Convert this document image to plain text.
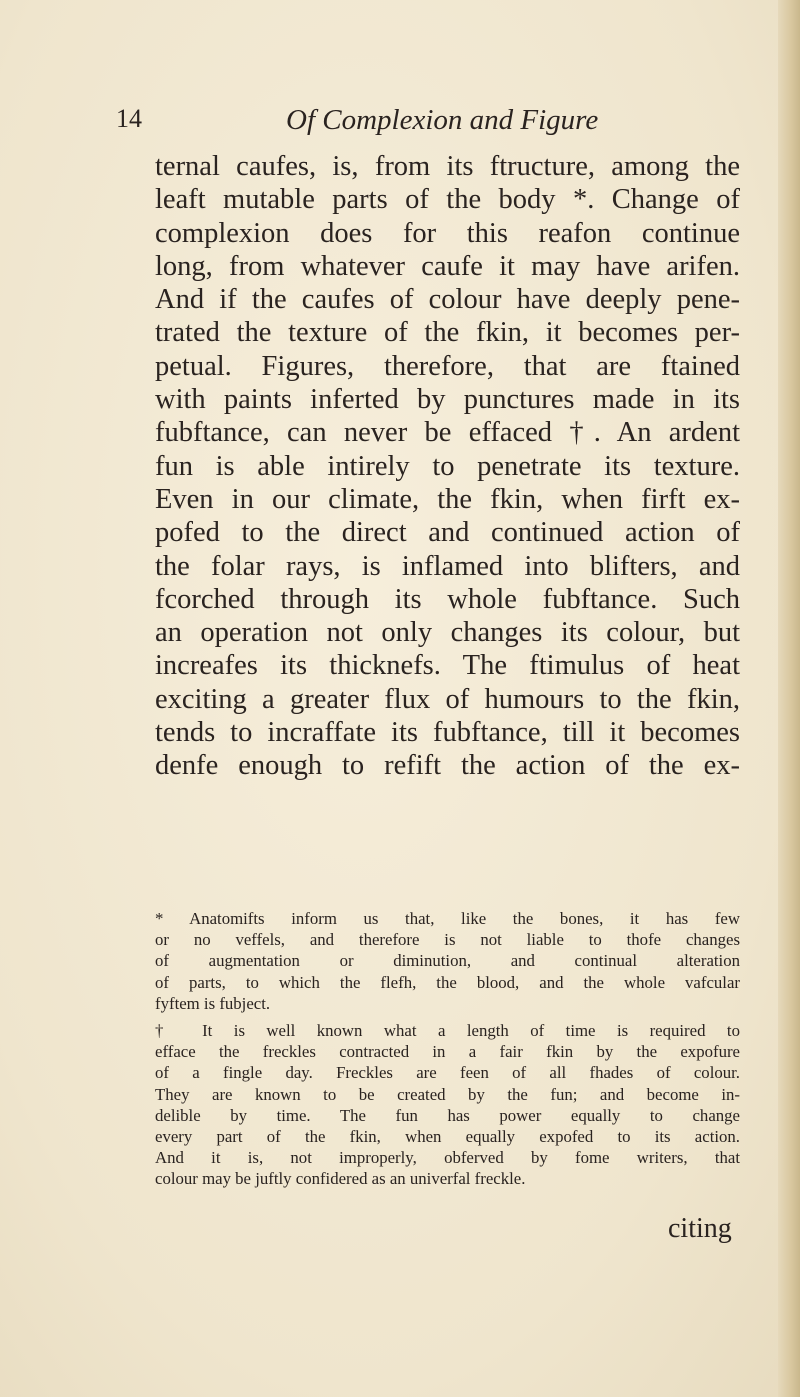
14	Of Complexion and Figure
ternal caufes, is, from its ftructure, among the
leaft mutable parts of the body *. Change of
complexion does for this reafon continue
long, from whatever caufe it may have arifen.
And if the caufes of colour have deeply pene-
trated the texture of the fkin, it becomes per-
petual. Figures, therefore, that are ftained
with paints inferted by punctures made in its
fubftance, can never be effaced †. An ardent
fun is able intirely to penetrate its texture.
Even in our climate, the fkin, when firft ex-
pofed to the direct and continued action of
the folar rays, is inflamed into blifters, and
fcorched through its whole fubftance. Such
an operation not only changes its colour, but
increafes its thicknefs. The ftimulus of heat
exciting a greater flux of humours to the fkin,
tends to incraffate its fubftance, till it becomes
denfe enough to refift the action of the ex-
* Anatomifts inform us that, like the bones, it has few
or no veffels, and therefore is not liable to thofe changes
of augmentation or diminution, and continual alteration
of parts, to which the flefh, the blood, and the whole vafcular
fyftem is fubject.
† It is well known what a length of time is required to
efface the freckles contracted in a fair fkin by the expofure
of a fingle day. Freckles are feen of all fhades of colour.
They are known to be created by the fun; and become in-
delible by time. The fun has power equally to change
every part of the fkin, when equally expofed to its action.
And it is, not improperly, obferved by fome writers, that
colour may be juftly confidered as an univerfal freckle.
citing
